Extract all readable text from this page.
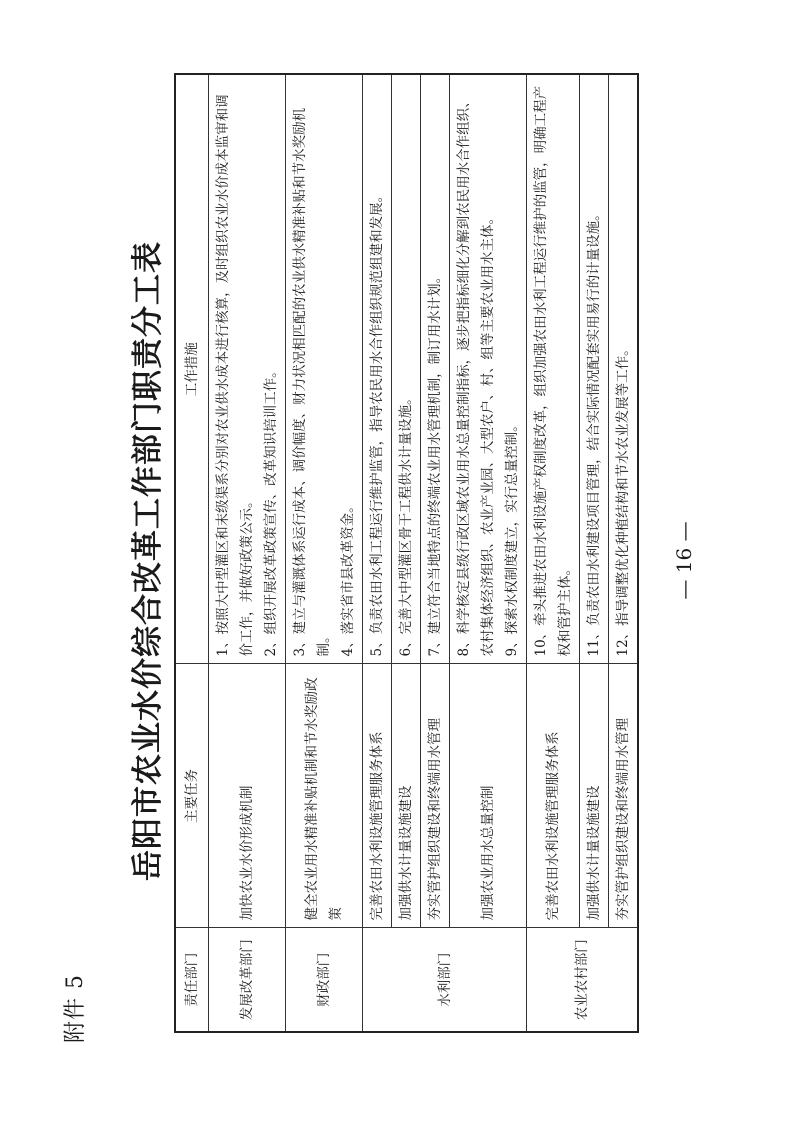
附件 5
岳阳市农业水价综合改革工作部门职责分工表
责任部门	主要任务	工作措施
发展改革部门	加快农业水价形成机制	1、按照大中型灌区和末级渠系分别对农业供水成本进行核算，及时组织农业水价成本监审和调价工作，并做好政策公示。 2、组织开展改革政策宣传、改革知识培训工作。

财政部门	健全农业用水精准补贴机制和节水奖励政策	3、建立与灌溉体系运行成本、调价幅度、财力状况相匹配的农业供水精准补贴和节水奖励机制。 4、落实省市县改革资金。

水利部门	完善农田水利设施管理服务体系	5、负责农田水利工程运行维护监管，指导农民用水合作组织规范组建和发展。

	加强供水计量设施建设	6、完善大中型灌区骨干工程供水计量设施。

	夯实管护组织建设和终端用水管理	7、建立符合当地特点的终端农业用水管理机制，制订用水计划。

	加强农业用水总量控制	8、科学核定县级行政区域农业用水总量控制指标，逐步把指标细化分解到农民用水合作组织、农村集体经济组织、农业产业园、大型农户、村、组等主要农业用水主体。 9、探索水权制度建立，实行总量控制。

农业农村部门	完善农田水利设施管理服务体系	10、牵头推进农田水利设施产权制度改革，组织加强农田水利工程运行维护的监管，明确工程产权和管护主体。

	加强供水计量设施建设	11、负责农田水利建设项目管理，结合实际情况配套实用易行的计量设施。

	夯实管护组织建设和终端用水管理	12、指导调整优化种植结构和节水农业发展等工作。 — 16 —
